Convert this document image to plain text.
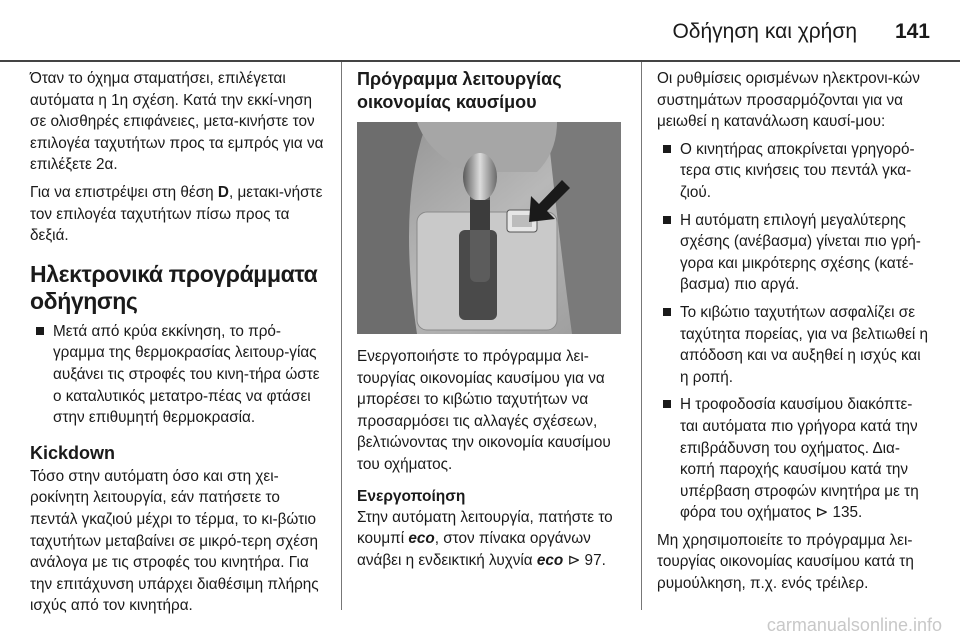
Οδήγηση και χρήση 141

Όταν το όχημα σταματήσει, επιλέγεται αυτόματα η 1η σχέση. Κατά την εκκί-νηση σε ολισθηρές επιφάνειες, μετα-κινήστε τον επιλογέα ταχυτήτων προς τα εμπρός για να επιλέξετε 2α.

Για να επιστρέψει στη θέση D, μετακι-νήστε τον επιλογέα ταχυτήτων πίσω προς τα δεξιά.

Ηλεκτρονικά προγράμματα οδήγησης
Μετά από κρύα εκκίνηση, το πρό-γραμμα της θερμοκρασίας λειτουρ-γίας αυξάνει τις στροφές του κινη-τήρα ώστε ο καταλυτικός μετατρο-πέας να φτάσει στην επιθυμητή θερμοκρασία.
Kickdown

Τόσο στην αυτόματη όσο και στη χει-ροκίνητη λειτουργία, εάν πατήσετε το πεντάλ γκαζιού μέχρι το τέρμα, το κι-βώτιο ταχυτήτων μεταβαίνει σε μικρό-τερη σχέση ανάλογα με τις στροφές του κινητήρα. Για την επιτάχυνση υπάρχει διαθέσιμη πλήρης ισχύς από τον κινητήρα.

Πρόγραμμα λειτουργίας οικονομίας καυσίμου

Ενεργοποιήστε το πρόγραμμα λει-τουργίας οικονομίας καυσίμου για να μπορέσει το κιβώτιο ταχυτήτων να προσαρμόσει τις αλλαγές σχέσεων, βελτιώνοντας την οικονομία καυσίμου του οχήματος.

Ενεργοποίηση

Στην αυτόματη λειτουργία, πατήστε το κουμπί eco, στον πίνακα οργάνων ανάβει η ενδεικτική λυχνία eco ⊳ 97.

Οι ρυθμίσεις ορισμένων ηλεκτρονι-κών συστημάτων προσαρμόζονται για να μειωθεί η κατανάλωση καυσί-μου:

Ο κινητήρας αποκρίνεται γρηγορό-τερα στις κινήσεις του πεντάλ γκα-ζιού.
Η αυτόματη επιλογή μεγαλύτερης σχέσης (ανέβασμα) γίνεται πιο γρή-γορα και μικρότερης σχέσης (κατέ-βασμα) πιο αργά.
Το κιβώτιο ταχυτήτων ασφαλίζει σε ταχύτητα πορείας, για να βελτιωθεί η απόδοση και να αυξηθεί η ισχύς και η ροπή.
Η τροφοδοσία καυσίμου διακόπτε-ται αυτόματα πιο γρήγορα κατά την επιβράδυνση του οχήματος. Δια-κοπή παροχής καυσίμου κατά την υπέρβαση στροφών κινητήρα με τη φόρα του οχήματος ⊳ 135.

Μη χρησιμοποιείτε το πρόγραμμα λει-τουργίας οικονομίας καυσίμου κατά τη ρυμούλκηση, π.χ. ενός τρέιλερ.

carmanualsonline.info
